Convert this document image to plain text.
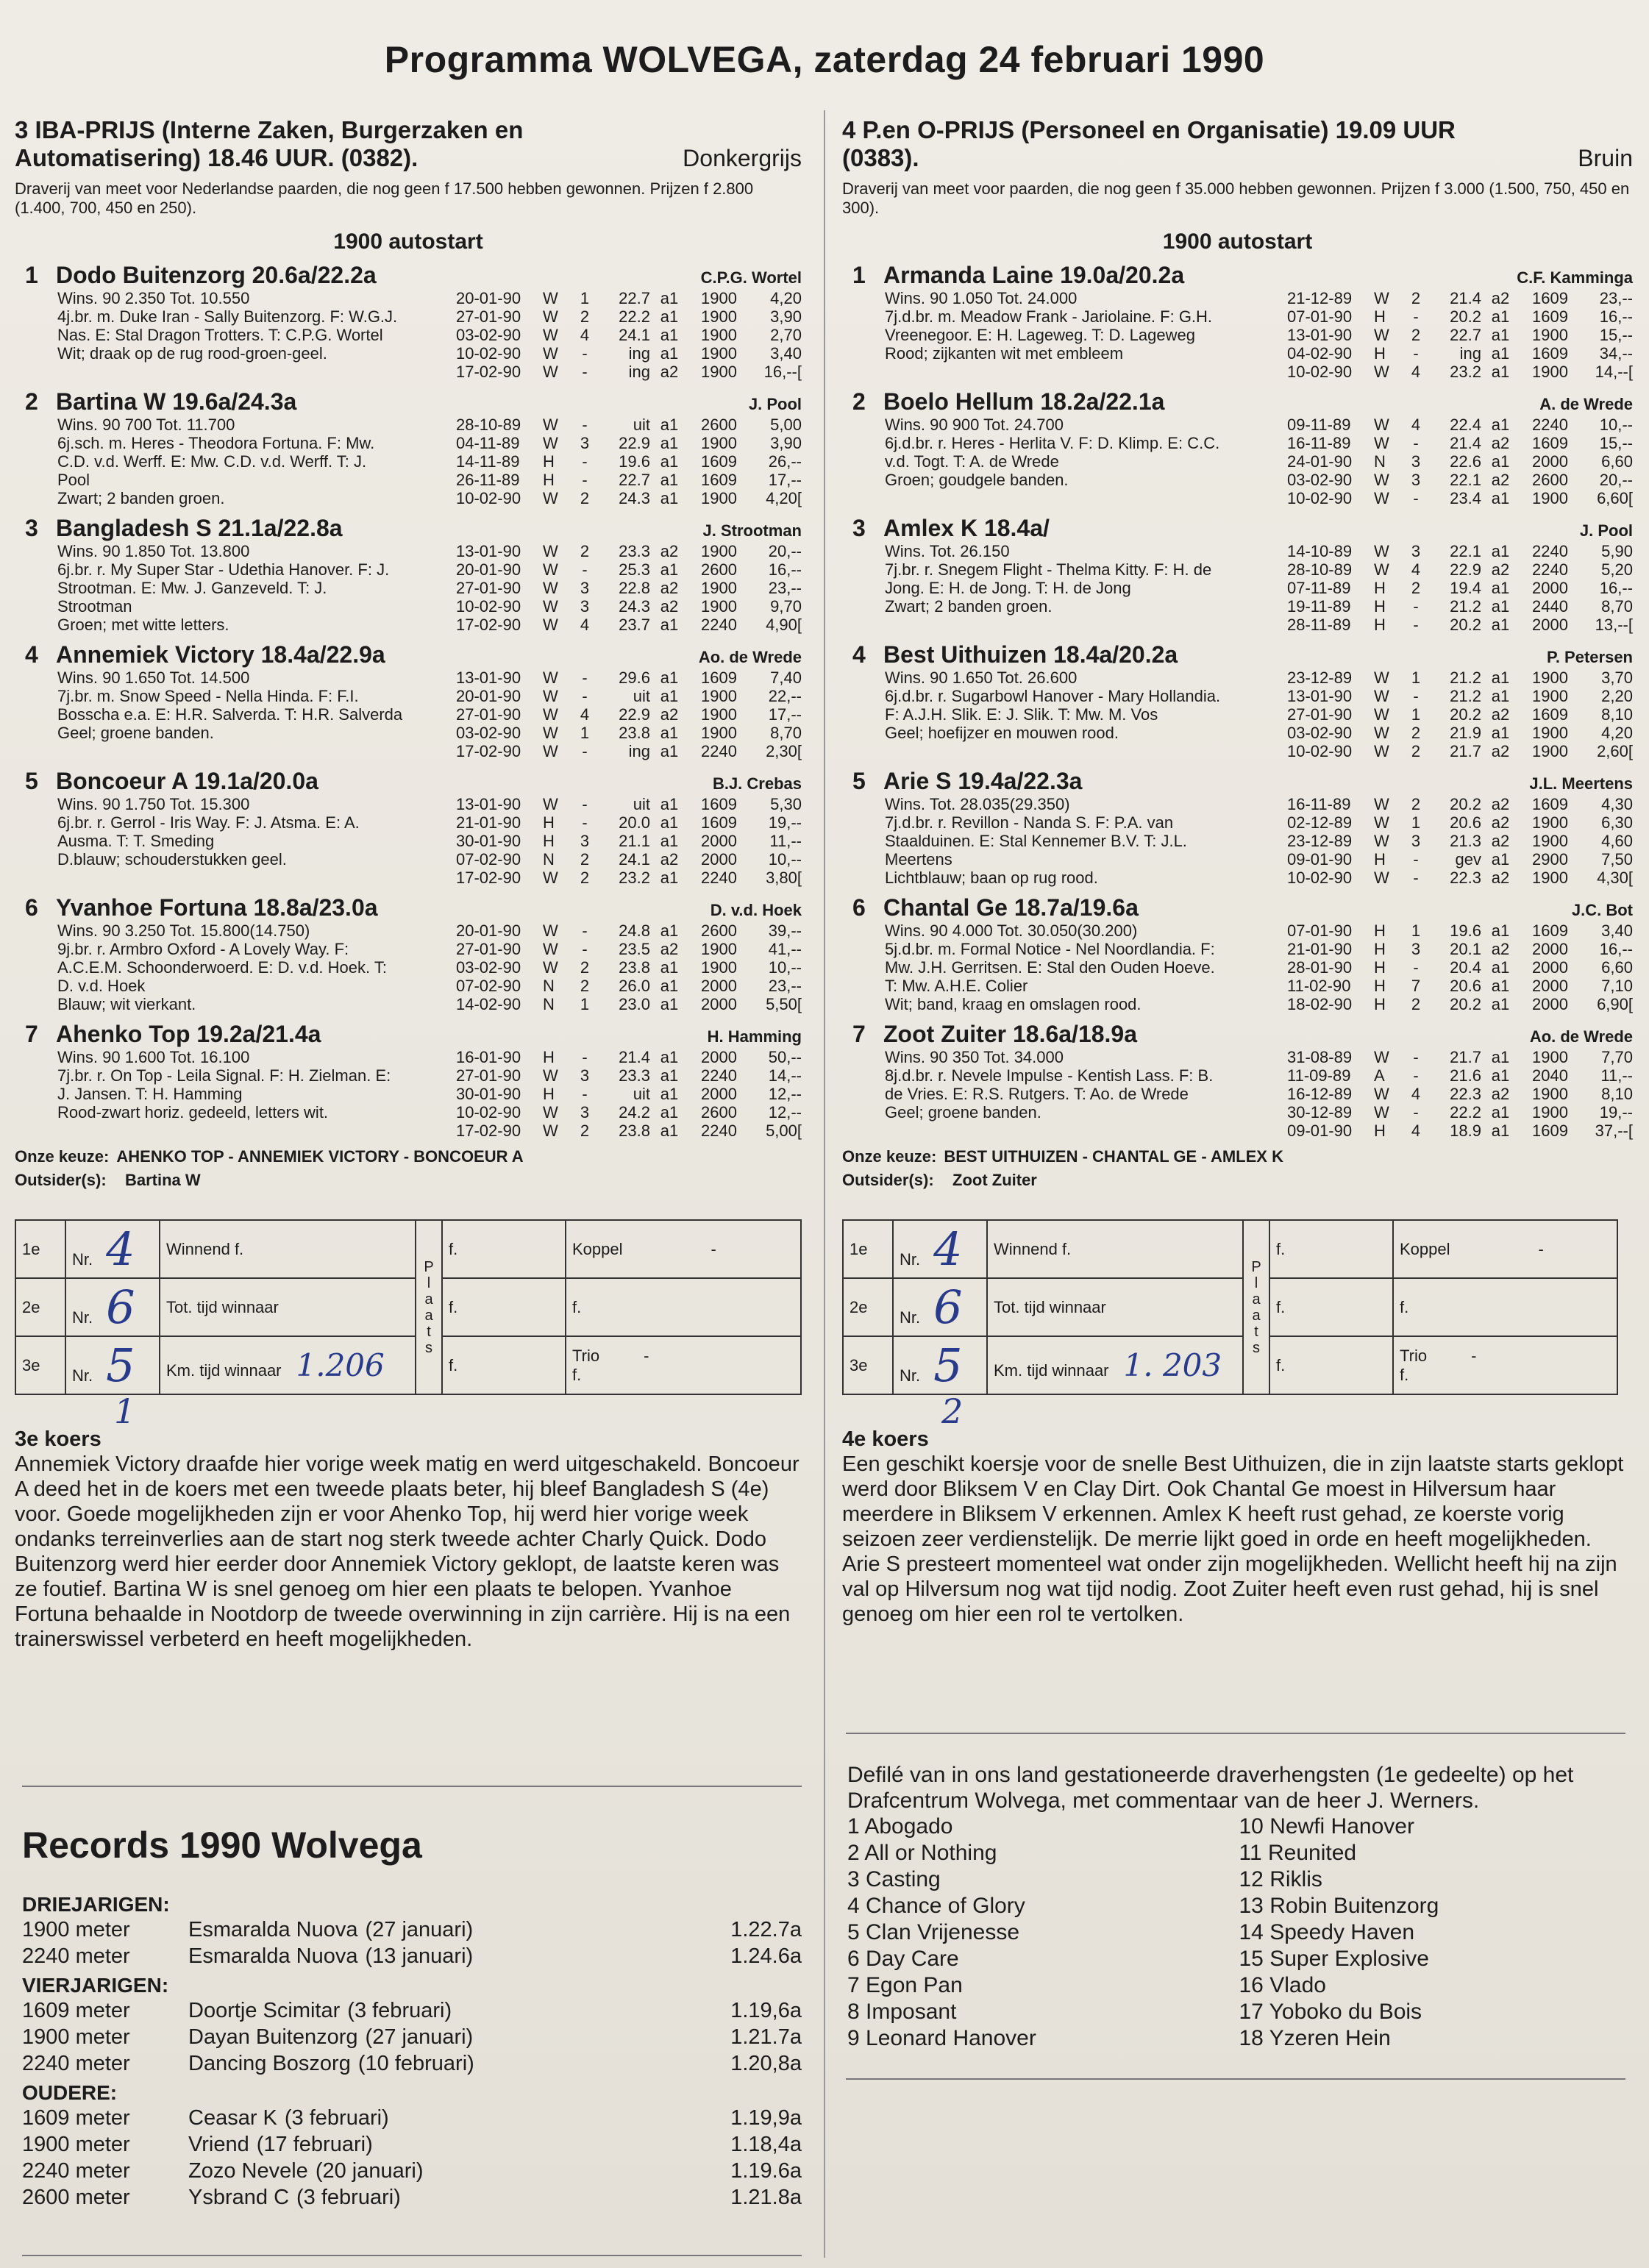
Programma WOLVEGA, zaterdag 24 februari 1990
3 IBA-PRIJS (Interne Zaken, Burgerzaken en Automatisering) 18.46 UUR. (0382).	Donkergrijs
Draverij van meet voor Nederlandse paarden, die nog geen f 17.500 hebben gewonnen. Prijzen f 2.800 (1.400, 700, 450 en 250).
1900 autostart
1 Dodo Buitenzorg 20.6a/22.2a	C.P.G. Wortel
Wins. 90 2.350 Tot. 10.550
4j.br. m. Duke Iran - Sally Buitenzorg. F: W.G.J.
Nas. E: Stal Dragon Trotters. T: C.P.G. Wortel
Wit; draak op de rug rood-groen-geel.
20-01-90	W	1	22.7 a1	1900	4,20
27-01-90	W	2	22.2 a1	1900	3,90
03-02-90	W	4	24.1 a1	1900	2,70
10-02-90	W	-	ing a1	1900	3,40
17-02-90	W	-	ing a2	1900	16,--[
2 Bartina W 19.6a/24.3a	J. Pool
Wins. 90 700 Tot. 11.700
6j.sch. m. Heres - Theodora Fortuna. F: Mw.
C.D. v.d. Werff. E: Mw. C.D. v.d. Werff. T: J.
Pool
Zwart; 2 banden groen.
28-10-89	W	-	uit a1	2600	5,00
04-11-89	W	3	22.9 a1	1900	3,90
14-11-89	H	-	19.6 a1	1609	26,--
26-11-89	H	-	22.7 a1	1609	17,--
10-02-90	W	2	24.3 a1	1900	4,20[
3 Bangladesh S 21.1a/22.8a	J. Strootman
Wins. 90 1.850 Tot. 13.800
6j.br. r. My Super Star - Udethia Hanover. F: J.
Strootman. E: Mw. J. Ganzeveld. T: J.
Strootman
Groen; met witte letters.
13-01-90	W	2	23.3 a2	1900	20,--
20-01-90	W	-	25.3 a1	2600	16,--
27-01-90	W	3	22.8 a2	1900	23,--
10-02-90	W	3	24.3 a2	1900	9,70
17-02-90	W	4	23.7 a1	2240	4,90[
4 Annemiek Victory 18.4a/22.9a	Ao. de Wrede
Wins. 90 1.650 Tot. 14.500
7j.br. m. Snow Speed - Nella Hinda. F: F.I.
Bosscha e.a. E: H.R. Salverda. T: H.R. Salverda
Geel; groene banden.
13-01-90	W	-	29.6 a1	1609	7,40
20-01-90	W	-	uit a1	1900	22,--
27-01-90	W	4	22.9 a2	1900	17,--
03-02-90	W	1	23.8 a1	1900	8,70
17-02-90	W	-	ing a1	2240	2,30[
5 Boncoeur A 19.1a/20.0a	B.J. Crebas
Wins. 90 1.750 Tot. 15.300
6j.br. r. Gerrol - Iris Way. F: J. Atsma. E: A.
Ausma. T: T. Smeding
D.blauw; schouderstukken geel.
13-01-90	W	-	uit a1	1609	5,30
21-01-90	H	-	20.0 a1	1609	19,--
30-01-90	H	3	21.1 a1	2000	11,--
07-02-90	N	2	24.1 a2	2000	10,--
17-02-90	W	2	23.2 a1	2240	3,80[
6 Yvanhoe Fortuna 18.8a/23.0a	D. v.d. Hoek
Wins. 90 3.250 Tot. 15.800(14.750)
9j.br. r. Armbro Oxford - A Lovely Way. F:
A.C.E.M. Schoonderwoerd. E: D. v.d. Hoek. T:
D. v.d. Hoek
Blauw; wit vierkant.
20-01-90	W	-	24.8 a1	2600	39,--
27-01-90	W	-	23.5 a2	1900	41,--
03-02-90	W	2	23.8 a1	1900	10,--
07-02-90	N	2	26.0 a1	2000	23,--
14-02-90	N	1	23.0 a1	2000	5,50[
7 Ahenko Top 19.2a/21.4a	H. Hamming
Wins. 90 1.600 Tot. 16.100
7j.br. r. On Top - Leila Signal. F: H. Zielman. E:
J. Jansen. T: H. Hamming
Rood-zwart horiz. gedeeld, letters wit.
16-01-90	H	-	21.4 a1	2000	50,--
27-01-90	W	3	23.3 a1	2240	14,--
30-01-90	H	-	uit a1	2000	12,--
10-02-90	W	3	24.2 a1	2600	12,--
17-02-90	W	2	23.8 a1	2240	5,00[
Onze keuze: AHENKO TOP - ANNEMIEK VICTORY - BONCOEUR A
Outsider(s): Bartina W
1e	Nr. 4	Winnend f.	P l a a t s	f.	Koppel -
2e	Nr. 6	Tot. tijd winnaar		f.	f.
3e	Nr. 5	Km. tijd winnaar 1.206		f.	Trio -
f.
1
3e koers
Annemiek Victory draafde hier vorige week matig en werd uitgeschakeld. Boncoeur A deed het in de koers met een tweede plaats beter, hij bleef Bangladesh S (4e) voor. Goede mogelijkheden zijn er voor Ahenko Top, hij werd hier vorige week ondanks terreinverlies aan de start nog sterk tweede achter Charly Quick. Dodo Buitenzorg werd hier eerder door Annemiek Victory geklopt, de laatste keren was ze foutief. Bartina W is snel genoeg om hier een plaats te belopen. Yvanhoe Fortuna behaalde in Nootdorp de tweede overwinning in zijn carrière. Hij is na een trainerswissel verbeterd en heeft mogelijkheden.
4 P.en O-PRIJS (Personeel en Organisatie) 19.09 UUR (0383).	Bruin
Draverij van meet voor paarden, die nog geen f 35.000 hebben gewonnen. Prijzen f 3.000 (1.500, 750, 450 en 300).
1900 autostart
1 Armanda Laine 19.0a/20.2a	C.F. Kamminga
Wins. 90 1.050 Tot. 24.000
7j.d.br. m. Meadow Frank - Jariolaine. F: G.H.
Vreenegoor. E: H. Lageweg. T: D. Lageweg
Rood; zijkanten wit met embleem
21-12-89	W	2	21.4 a2	1609	23,--
07-01-90	H	-	20.2 a1	1609	16,--
13-01-90	W	2	22.7 a1	1900	15,--
04-02-90	H	-	ing a1	1609	34,--
10-02-90	W	4	23.2 a1	1900	14,--[
2 Boelo Hellum 18.2a/22.1a	A. de Wrede
Wins. 90 900 Tot. 24.700
6j.d.br. r. Heres - Herlita V. F: D. Klimp. E: C.C.
v.d. Togt. T: A. de Wrede
Groen; goudgele banden.
09-11-89	W	4	22.4 a1	2240	10,--
16-11-89	W	-	21.4 a2	1609	15,--
24-01-90	N	3	22.6 a1	2000	6,60
03-02-90	W	3	22.1 a2	2600	20,--
10-02-90	W	-	23.4 a1	1900	6,60[
3 Amlex K 18.4a/	J. Pool
Wins. Tot. 26.150
7j.br. r. Snegem Flight - Thelma Kitty. F: H. de
Jong. E: H. de Jong. T: H. de Jong
Zwart; 2 banden groen.
14-10-89	W	3	22.1 a1	2240	5,90
28-10-89	W	4	22.9 a2	2240	5,20
07-11-89	H	2	19.4 a1	2000	16,--
19-11-89	H	-	21.2 a1	2440	8,70
28-11-89	H	-	20.2 a1	2000	13,--[
4 Best Uithuizen 18.4a/20.2a	P. Petersen
Wins. 90 1.650 Tot. 26.600
6j.d.br. r. Sugarbowl Hanover - Mary Hollandia.
F: A.J.H. Slik. E: J. Slik. T: Mw. M. Vos
Geel; hoefijzer en mouwen rood.
23-12-89	W	1	21.2 a1	1900	3,70
13-01-90	W	-	21.2 a1	1900	2,20
27-01-90	W	1	20.2 a2	1609	8,10
03-02-90	W	2	21.9 a1	1900	4,20
10-02-90	W	2	21.7 a2	1900	2,60[
5 Arie S 19.4a/22.3a	J.L. Meertens
Wins. Tot. 28.035(29.350)
7j.d.br. r. Revillon - Nanda S. F: P.A. van
Staalduinen. E: Stal Kennemer B.V. T: J.L.
Meertens
Lichtblauw; baan op rug rood.
16-11-89	W	2	20.2 a2	1609	4,30
02-12-89	W	1	20.6 a2	1900	6,30
23-12-89	W	3	21.3 a2	1900	4,60
09-01-90	H	-	gev a1	2900	7,50
10-02-90	W	-	22.3 a2	1900	4,30[
6 Chantal Ge 18.7a/19.6a	J.C. Bot
Wins. 90 4.000 Tot. 30.050(30.200)
5j.d.br. m. Formal Notice - Nel Noordlandia. F:
Mw. J.H. Gerritsen. E: Stal den Ouden Hoeve.
T: Mw. A.H.E. Colier
Wit; band, kraag en omslagen rood.
07-01-90	H	1	19.6 a1	1609	3,40
21-01-90	H	3	20.1 a2	2000	16,--
28-01-90	H	-	20.4 a1	2000	6,60
11-02-90	H	7	20.6 a1	2000	7,10
18-02-90	H	2	20.2 a1	2000	6,90[
7 Zoot Zuiter 18.6a/18.9a	Ao. de Wrede
Wins. 90 350 Tot. 34.000
8j.d.br. r. Nevele Impulse - Kentish Lass. F: B.
de Vries. E: R.S. Rutgers. T: Ao. de Wrede
Geel; groene banden.
31-08-89	W	-	21.7 a1	1900	7,70
11-09-89	A	-	21.6 a1	2040	11,--
16-12-89	W	4	22.3 a2	1900	8,10
30-12-89	W	-	22.2 a1	1900	19,--
09-01-90	H	4	18.9 a1	1609	37,--[
Onze keuze: BEST UITHUIZEN - CHANTAL GE - AMLEX K
Outsider(s): Zoot Zuiter
1e	Nr. 4	Winnend f.	P l a a t s	f.	Koppel -
2e	Nr. 6	Tot. tijd winnaar		f.	f.
3e	Nr. 5	Km. tijd winnaar 1. 203		f.	Trio -
f.
2
4e koers
Een geschikt koersje voor de snelle Best Uithuizen, die in zijn laatste starts geklopt werd door Bliksem V en Clay Dirt. Ook Chantal Ge moest in Hilversum haar meerdere in Bliksem V erkennen. Amlex K heeft rust gehad, ze koerste vorig seizoen zeer verdienstelijk. De merrie lijkt goed in orde en heeft mogelijkheden. Arie S presteert momenteel wat onder zijn mogelijkheden. Wellicht heeft hij na zijn val op Hilversum nog wat tijd nodig. Zoot Zuiter heeft even rust gehad, hij is snel genoeg om hier een rol te vertolken.
Records 1990 Wolvega
DRIEJARIGEN:
1900 meter	Esmaralda Nuova (27 januari)	1.22.7a
2240 meter	Esmaralda Nuova (13 januari)	1.24.6a
VIERJARIGEN:
1609 meter	Doortje Scimitar (3 februari)	1.19,6a
1900 meter	Dayan Buitenzorg (27 januari)	1.21.7a
2240 meter	Dancing Boszorg (10 februari)	1.20,8a
OUDERE:
1609 meter	Ceasar K (3 februari)	1.19,9a
1900 meter	Vriend (17 februari)	1.18,4a
2240 meter	Zozo Nevele (20 januari)	1.19.6a
2600 meter	Ysbrand C (3 februari)	1.21.8a
Defilé van in ons land gestationeerde draverhengsten (1e gedeelte) op het Drafcentrum Wolvega, met commentaar van de heer J. Werners.
1 Abogado
2 All or Nothing
3 Casting
4 Chance of Glory
5 Clan Vrijenesse
6 Day Care
7 Egon Pan
8 Imposant
9 Leonard Hanover
10 Newfi Hanover
11 Reunited
12 Riklis
13 Robin Buitenzorg
14 Speedy Haven
15 Super Explosive
16 Vlado
17 Yoboko du Bois
18 Yzeren Hein
